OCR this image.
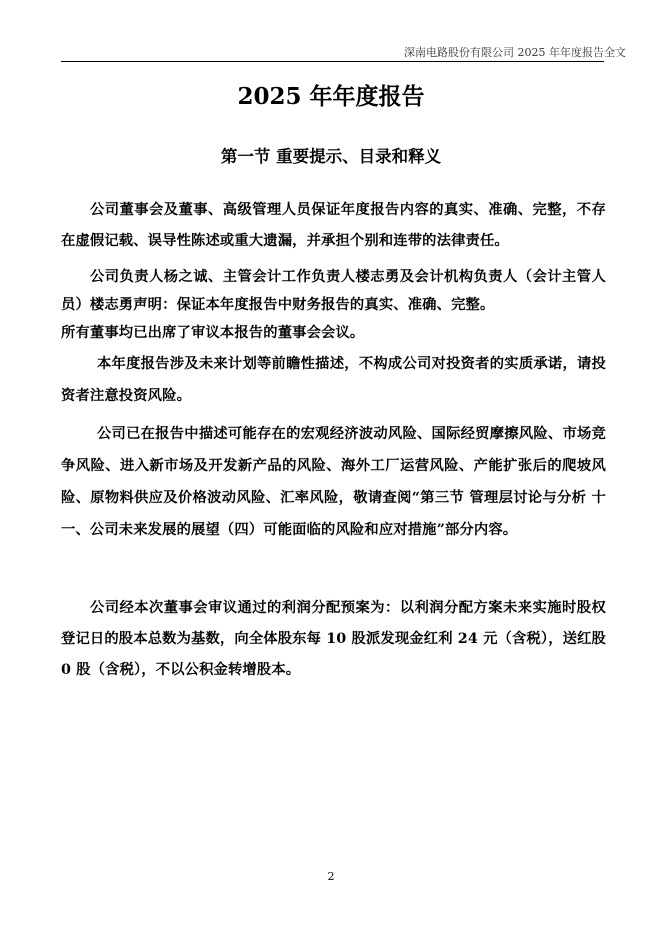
深南电路股份有限公司 2025 年年度报告全文
2025 年年度报告
第一节 重要提示、目录和释义

公司董事会及董事、高级管理人员保证年度报告内容的真实、准确、完整，不存在虚假记载、误导性陈述或重大遗漏，并承担个别和连带的法律责任。

公司负责人杨之诚、主管会计工作负责人楼志勇及会计机构负责人（会计主管人员）楼志勇声明：保证本年度报告中财务报告的真实、准确、完整。

所有董事均已出席了审议本报告的董事会会议。

本年度报告涉及未来计划等前瞻性描述，不构成公司对投资者的实质承诺，请投资者注意投资风险。

公司已在报告中描述可能存在的宏观经济波动风险、国际经贸摩擦风险、市场竞争风险、进入新市场及开发新产品的风险、海外工厂运营风险、产能扩张后的爬坡风险、原物料供应及价格波动风险、汇率风险，敬请查阅“第三节 管理层讨论与分析 十一、公司未来发展的展望（四）可能面临的风险和应对措施”部分内容。

公司经本次董事会审议通过的利润分配预案为：以利润分配方案未来实施时股权登记日的股本总数为基数，向全体股东每 10 股派发现金红利 24 元（含税），送红股 0 股（含税），不以公积金转增股本。

2
